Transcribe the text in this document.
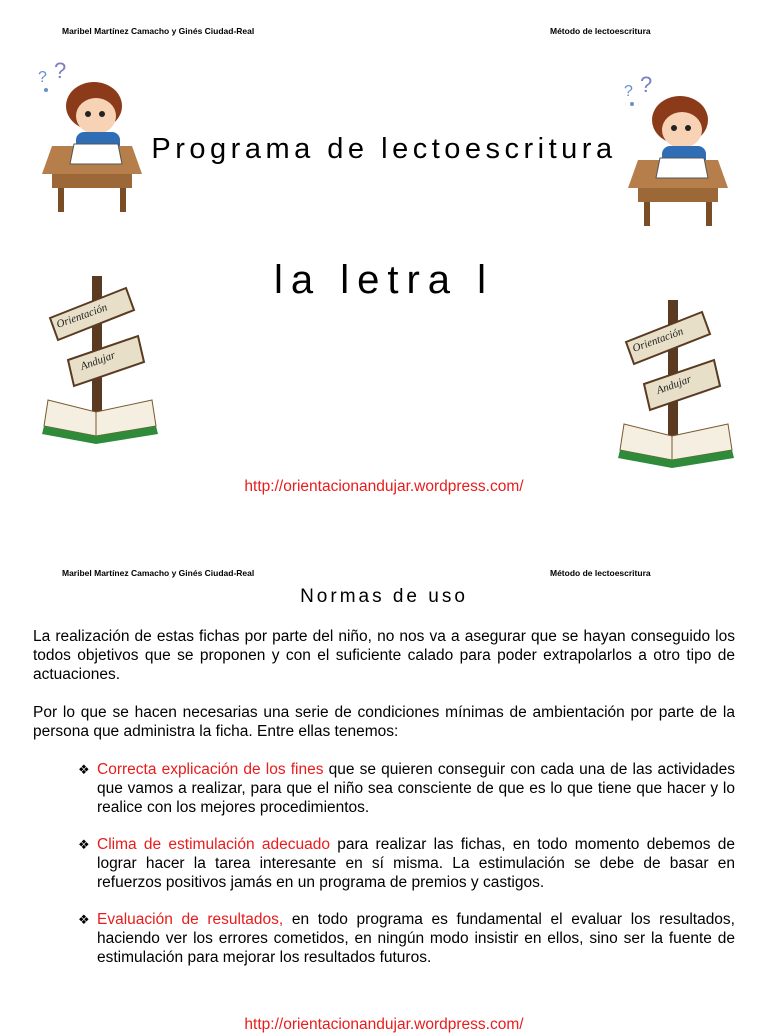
Maribel Martínez Camacho y Ginés Ciudad-Real	Método de lectoescritura
? ?
? ?
Programa de lectoescritura
la letra l
Orientación
Andujar
Orientación
Andujar
http://orientacionandujar.wordpress.com/
Maribel Martínez Camacho y Ginés Ciudad-Real	Método de lectoescritura
Normas de uso
La realización de estas fichas por parte del niño, no nos va a asegurar que se hayan conseguido los todos objetivos que se proponen y con el suficiente calado para poder extrapolarlos a otro tipo de actuaciones.
Por lo que se hacen necesarias una serie de condiciones mínimas de ambientación por parte de la persona que administra la ficha. Entre ellas tenemos:
❖ Correcta explicación de los fines que se quieren conseguir con cada una de las actividades que vamos a realizar, para que el niño sea consciente de que es lo que tiene que hacer y lo realice con los mejores procedimientos.
❖ Clima de estimulación adecuado para realizar las fichas, en todo momento debemos de lograr hacer la tarea interesante en sí misma. La estimulación se debe de basar en refuerzos positivos jamás en un programa de premios y castigos.
❖ Evaluación de resultados, en todo programa es fundamental el evaluar los resultados, haciendo ver los errores cometidos, en ningún modo insistir en ellos, sino ser la fuente de estimulación para mejorar los resultados futuros.
http://orientacionandujar.wordpress.com/
